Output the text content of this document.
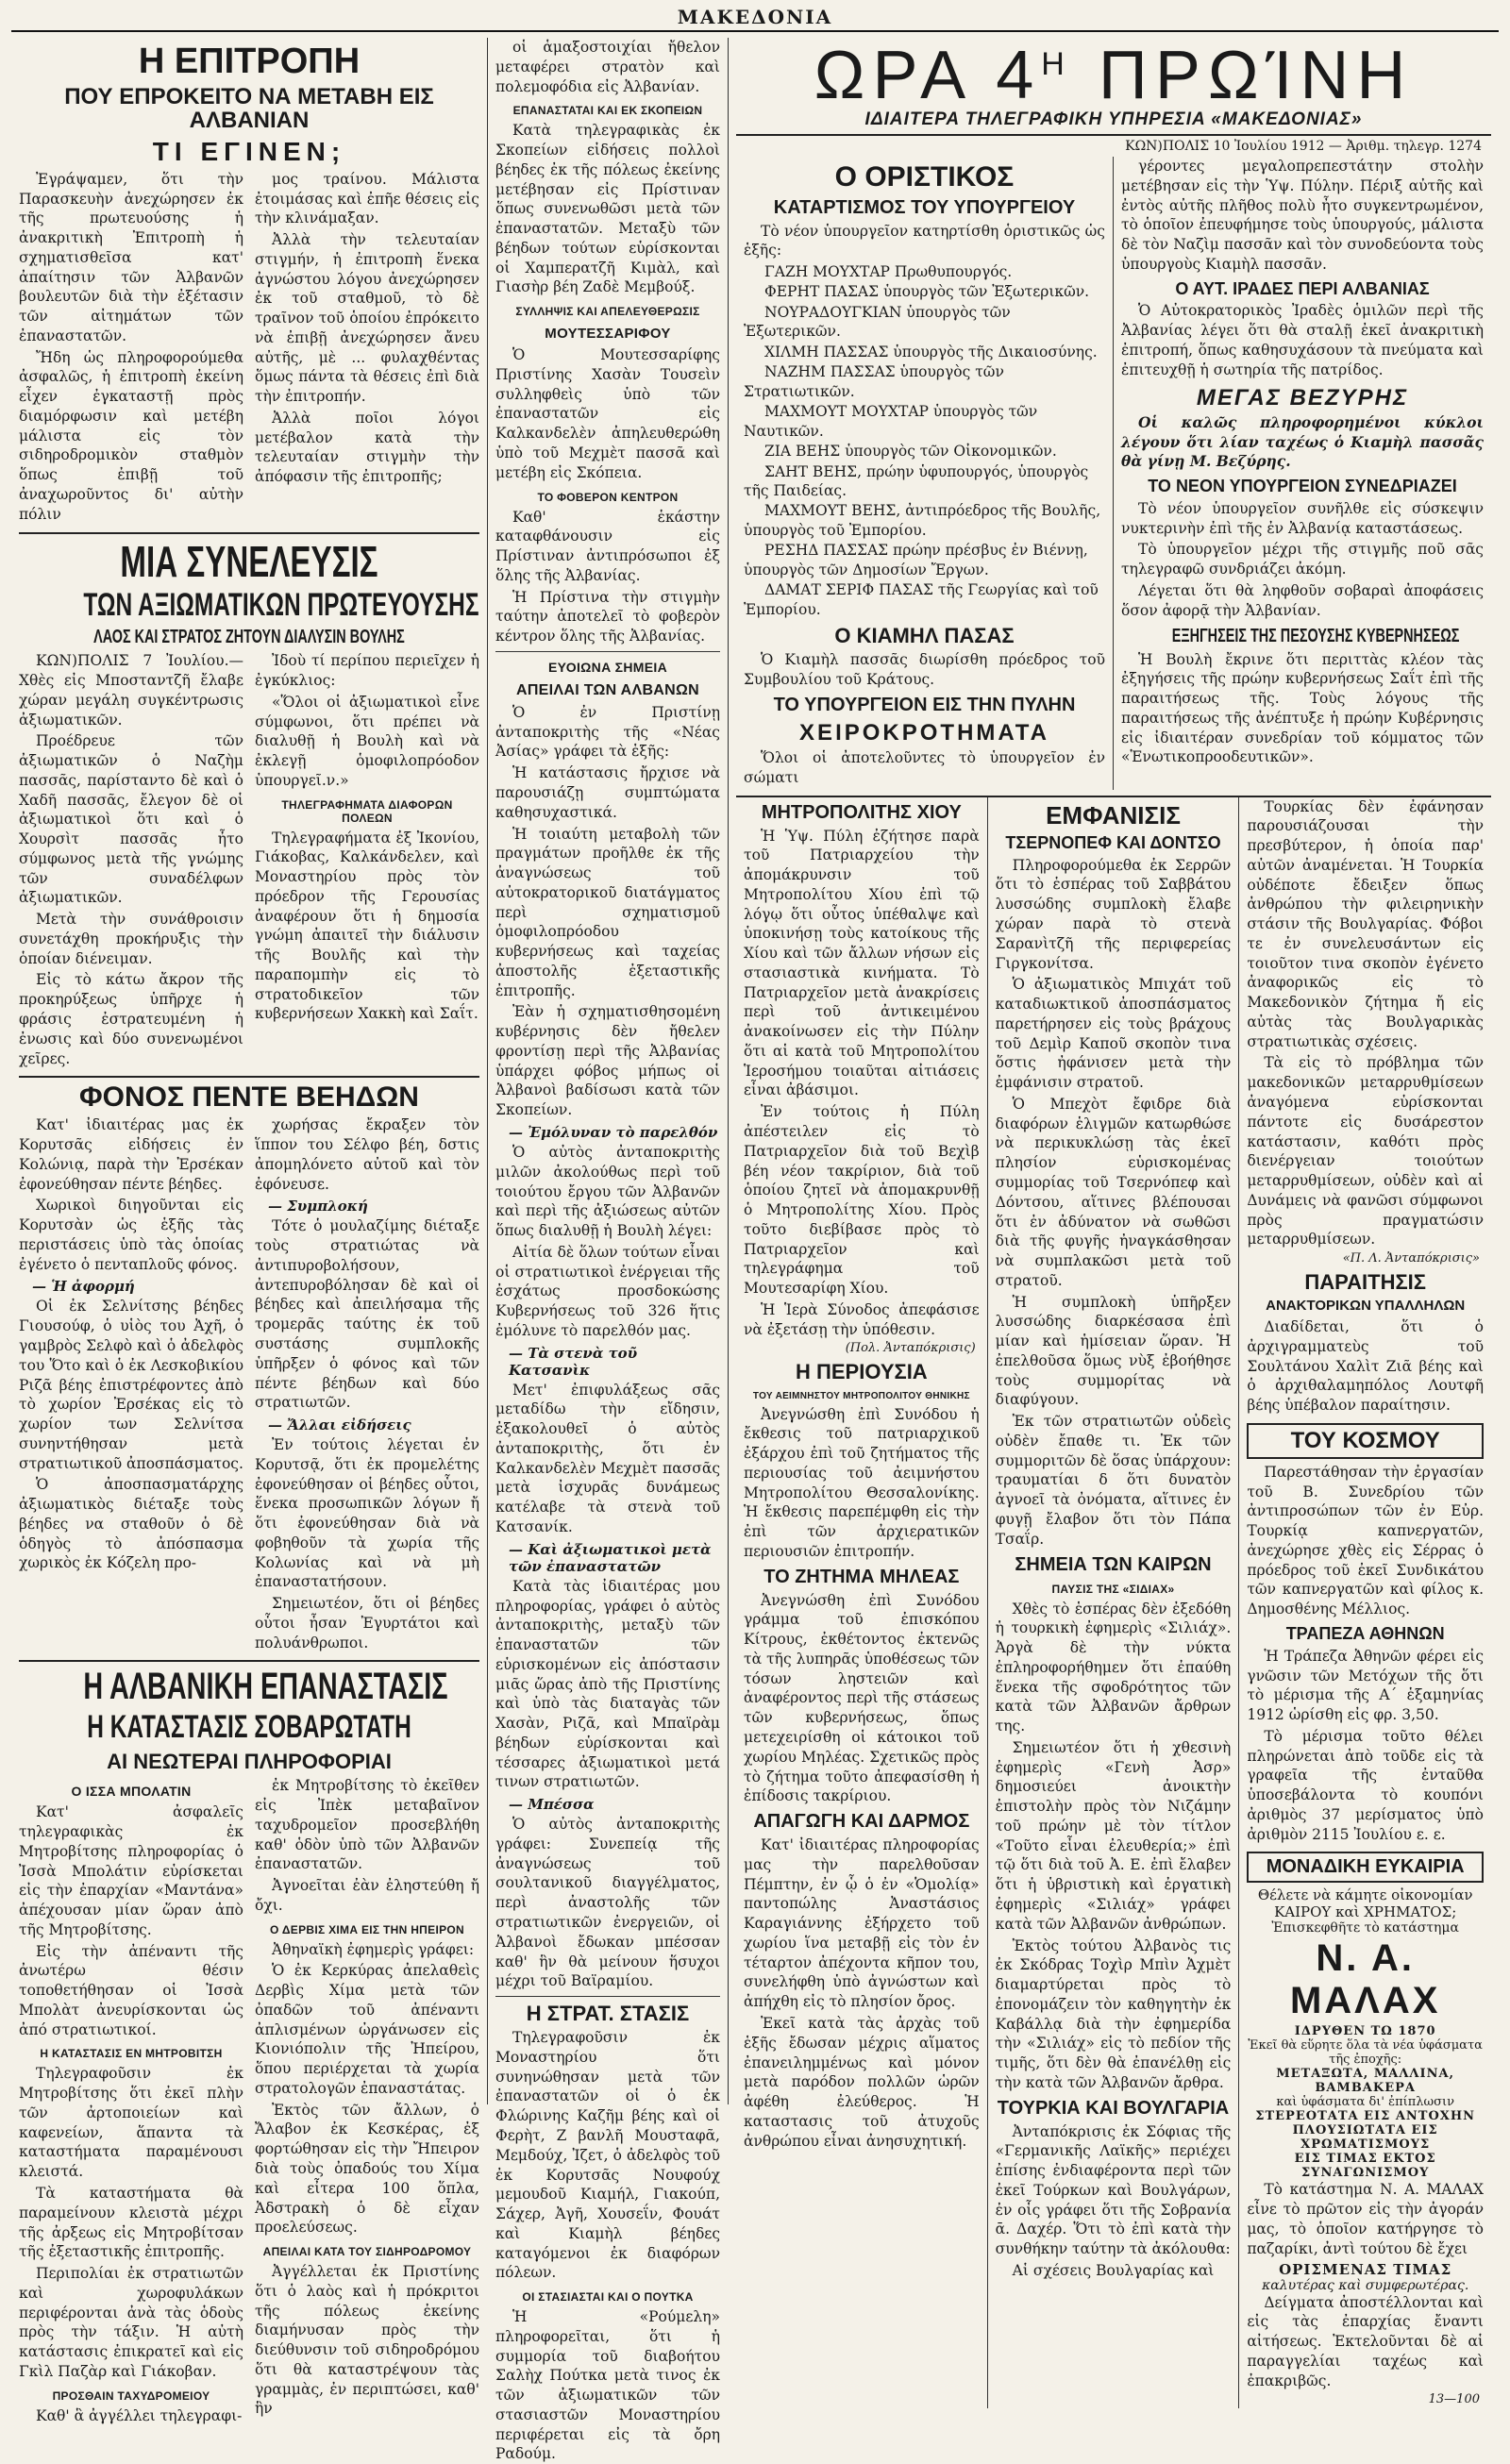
ΜΑΚΕΔΟΝΙΑ
Η ΕΠΙΤΡΟΠΗ
ΠΟΥ ΕΠΡΟΚΕΙΤΟ ΝΑ ΜΕΤΑΒΗ ΕΙΣ ΑΛΒΑΝΙΑΝ
ΤΙ ΕΓΙΝΕΝ;

Ἐγράψαμεν, ὅτι τὴν Παρασκευὴν ἀνεχώρησεν ἐκ τῆς πρωτευούσης ἡ ἀνακριτικὴ Ἐπιτροπὴ ἡ σχηματισθεῖσα κατ' ἀπαίτησιν τῶν Ἀλβανῶν βουλευτῶν διὰ τὴν ἐξέτασιν τῶν αἰτημάτων τῶν ἐπαναστατῶν.

Ἤδη ὡς πληροφορούμεθα ἀσφαλῶς, ἡ ἐπιτροπὴ ἐκείνη εἶχεν ἐγκαταστῇ πρὸς διαμόρφωσιν καὶ μετέβη μάλιστα εἰς τὸν σιδηροδρομικὸν σταθμὸν ὅπως ἐπιβῇ τοῦ ἀναχωροῦντος δι' αὐτὴν πόλιν

μος τραίνου. Μάλιστα ἐτοιμάσας καὶ ἐπῆε θέσεις εἰς τὴν κλινάμαξαν.

Ἀλλὰ τὴν τελευταίαν στιγμήν, ἡ ἐπιτροπὴ ἕνεκα ἀγνώστου λόγου ἀνεχώρησεν ἐκ τοῦ σταθμοῦ, τὸ δὲ τραῖνον τοῦ ὁποίου ἐπρόκειτο νὰ ἐπιβῇ ἀνεχώρησεν ἄνευ αὐτῆς, μὲ ... φυλαχθέντας ὅμως πάντα τὰ θέσεις ἐπὶ διὰ τὴν ἐπιτροπήν.

Ἀλλὰ ποῖοι λόγοι μετέβαλον κατὰ τὴν τελευταίαν στιγμὴν τὴν ἀπόφασιν τῆς ἐπιτροπῆς;

ΜΙΑ ΣΥΝΕΛΕΥΣΙΣ
ΤΩΝ ΑΞΙΩΜΑΤΙΚΩΝ ΠΡΩΤΕΥΟΥΣΗΣ
ΛΑΟΣ ΚΑΙ ΣΤΡΑΤΟΣ ΖΗΤΟΥΝ ΔΙΑΛΥΣΙΝ ΒΟΥΛΗΣ

ΚΩΝ)ΠΟΛΙΣ 7 Ἰουλίου.— Χθὲς εἰς Μποσταντζῆ ἔλαβε χώραν μεγάλη συγκέντρωσις ἀξιωματικῶν.

Προέδρευε τῶν ἀξιωματικῶν ὁ Ναζὴμ πασσᾶς, παρίσταντο δὲ καὶ ὁ Χαδῆ πασσᾶς, ἔλεγον δὲ οἱ ἀξιωματικοὶ ὅτι καὶ ὁ Χουρσὶτ πασσᾶς ἦτο σύμφωνος μετὰ τῆς γνώμης τῶν συναδέλφων ἀξιωματικῶν.

Μετὰ τὴν συνάθροισιν συνετάχθη προκήρυξις τὴν ὁποίαν διένειμαν.

Εἰς τὸ κάτω ἄκρον τῆς προκηρύξεως ὑπῆρχε ἡ φράσις ἐστρατευμένη ἡ ἐνωσις καὶ δύο συνενωμένοι χεῖρες.

Ἰδοὺ τί περίπου περιεῖχεν ἡ ἐγκύκλιος:

«Ὅλοι οἱ ἀξιωματικοὶ εἶνε σύμφωνοι, ὅτι πρέπει νὰ διαλυθῇ ἡ Βουλὴ καὶ νὰ ἐκλεγῇ ὁμοφιλοπρόοδον ὑπουργεῖ.ν.»

ΤΗΛΕΓΡΑΦΗΜΑΤΑ ΔΙΑΦΟΡΩΝ ΠΟΛΕΩΝ

Τηλεγραφήματα ἐξ Ἰκονίου, Γιάκοβας, Καλκάνδελεν, καὶ Μοναστηρίου πρὸς τὸν πρόεδρον τῆς Γερουσίας ἀναφέρουν ὅτι ἡ δημοσία γνώμη ἀπαιτεῖ τὴν διάλυσιν τῆς Βουλῆς καὶ τὴν παραπομπὴν εἰς τὸ στρατοδικεῖον τῶν κυβερνήσεων Χακκὴ καὶ Σαΐτ.

ΦΟΝΟΣ ΠΕΝΤΕ ΒΕΗΔΩΝ

Κατ' ἰδιαιτέρας μας ἐκ Κορυτσᾶς εἰδήσεις ἐν Κολώνιᾳ, παρὰ τὴν Ἐρσέκαν ἐφονεύθησαν πέντε βέηδες.

Χωρικοὶ διηγοῦνται εἰς Κορυτσὰν ὡς ἑξῆς τὰς περιστάσεις ὑπὸ τὰς ὁποίας ἐγένετο ὁ πενταπλοῦς φόνος.

— Ἡ ἀφορμή

Οἱ ἐκ Σελνίτσης βέηδες Γιουσούφ, ὁ υἱὸς του Ἀχῆ, ὁ γαμβρὸς Σελφὸ καὶ ὁ ἀδελφὸς του Ὅτο καὶ ὁ ἐκ Λεσκοβικίου Ριζᾶ βέης ἐπιστρέφοντες ἀπὸ τὸ χωρίον Ἐρσέκας εἰς τὸ χωρίον των Σελνίτσα συνηντήθησαν μετὰ στρατιωτικοῦ ἀποσπάσματος.

Ὁ ἀποσπασματάρχης ἀξιωματικὸς διέταξε τοὺς βέηδες να σταθοῦν ὁ δὲ ὁδηγὸς τὸ ἀπόσπασμα χωρικὸς ἐκ Κόζελη προ-

χωρήσας ἔκραξεν τὸν ἵππον του Σέλφο βέη, δστις ἀπομηλόνετο αὐτοῦ καὶ τὸν ἐφόνευσε.

— Συμπλοκή

Τότε ὁ μουλαζίμης διέταξε τοὺς στρατιώτας νὰ ἀντιπυροβολήσουν, ἀντεπυροβόλησαν δὲ καὶ οἱ βέηδες καὶ ἀπειλήσαμα τῆς τρομερᾶς ταύτης ἐκ τοῦ συστάσης συμπλοκῆς ὑπῆρξεν ὁ φόνος καὶ τῶν πέντε βέηδων καὶ δύο στρατιωτῶν.

— Ἄλλαι εἰδήσεις

Ἐν τούτοις λέγεται ἐν Κορυτσᾷ, ὅτι ἐκ προμελέτης ἐφονεύθησαν οἱ βέηδες οὗτοι, ἕνεκα προσωπικῶν λόγων ἤ ὅτι ἐφονεύθησαν διὰ νὰ φοβηθοῦν τὰ χωρία τῆς Κολωνίας καὶ νὰ μὴ ἐπαναστατήσουν.

Σημειωτέον, ὅτι οἱ βέηδες οὗτοι ἦσαν Ἐγυρτάτοι καὶ πολυάνθρωποι.

Η ΑΛΒΑΝΙΚΗ ΕΠΑΝΑΣΤΑΣΙΣ
Η ΚΑΤΑΣΤΑΣΙΣ ΣΟΒΑΡΩΤΑΤΗ
ΑΙ ΝΕΩΤΕΡΑΙ ΠΛΗΡΟΦΟΡΙΑΙ
Ο ΙΣΣΑ ΜΠΟΛΑΤΙΝ

Κατ' ἀσφαλεῖς τηλεγραφικὰς ἐκ Μητροβίτσης πληροφορίας ὁ Ἰσσὰ Μπολάτιν εὑρίσκεται εἰς τὴν ἐπαρχίαν «Μαντάνα» ἀπέχουσαν μίαν ὥραν ἀπὸ τῆς Μητροβίτσης.

Εἰς τὴν ἀπέναντι τῆς ἀνωτέρω θέσιν τοποθετήθησαν οἱ Ἰσσὰ Μπολὰτ ἀνευρίσκονται ὡς ἀπό στρατιωτικοί.

Η ΚΑΤΑΣΤΑΣΙΣ ΕΝ ΜΗΤΡΟΒΙΤΣΗ

Τηλεγραφοῦσιν ἐκ Μητροβίτσης ὅτι ἐκεῖ πλὴν τῶν ἀρτοποιείων καὶ καφενείων, ἅπαντα τὰ καταστήματα παραμένουσι κλειστά.

Τὰ καταστήματα θὰ παραμείνουν κλειστὰ μέχρι τῆς ἀρξεως εἰς Μητροβίτσαν τῆς ἐξεταστικῆς ἐπιτροπῆς.

Περιπολίαι ἐκ στρατιωτῶν καὶ χωροφυλάκων περιφέρονται ἀνὰ τὰς ὁδοὺς πρὸς τὴν τάξιν. Ἡ αὐτὴ κατάστασις ἐπικρατεῖ καὶ εἰς Γκὶλ Παζὰρ καὶ Γιάκοβαν.

ΠΡΟΣΘΑΙΝ ΤΑΧΥΔΡΟΜΕΙΟΥ

Καθ' ἃ ἀγγέλλει τηλεγραφι-

ἐκ Μητροβίτσης τὸ ἐκεῖθεν εἰς Ἰπὲκ μεταβαῖνον ταχυδρομεῖον προσεβλήθη καθ' ὁδὸν ὑπὸ τῶν Ἀλβανῶν ἐπαναστατῶν.

Ἀγνοεῖται ἐὰν ἐληστεύθη ἤ ὄχι.

Ο ΔΕΡΒΙΣ ΧΙΜΑ ΕΙΣ ΤΗΝ ΗΠΕΙΡΟΝ

Ἀθηναϊκὴ ἐφημερὶς γράφει:

Ὁ ἐκ Κερκύρας ἀπελαθεὶς Δερβὶς Χίμα μετὰ τῶν ὀπαδῶν τοῦ ἀπέναντι ἀπλισμένων ὠργάνωσεν εἰς Κιονιόπολιν τῆς Ἠπείρου, ὅπου περιέρχεται τὰ χωρία στρατολογῶν ἐπαναστάτας.

Ἐκτὸς τῶν ἄλλων, ὁ Ἄλαβον ἐκ Κεσκέρας, ἐξ φορτώθησαν εἰς τὴν Ἤπειρον διὰ τοὺς ὀπαδούς του Χίμα καὶ εἶτερα 100 ὅπλα, Ἀδστρακὴ ὁ δὲ εἶχαν προελεύσεως.

ΑΠΕΙΛΑΙ ΚΑΤΑ ΤΟΥ ΣΙΔΗΡΟΔΡΟΜΟΥ

Ἀγγέλλεται ἐκ Πριστίνης ὅτι ὁ λαὸς καὶ ἡ πρόκριτοι τῆς πόλεως ἐκείνης διαμήνυσαν πρὸς τὴν διεύθυνσιν τοῦ σιδηροδρόμου ὅτι θὰ καταστρέψουν τὰς γραμμὰς, ἐν περιπτώσει, καθ' ἣν

οἱ ἁμαξοστοιχίαι ἤθελον μεταφέρει στρατὸν καὶ πολεμοφόδια εἰς Ἀλβανίαν.

ΕΠΑΝΑΣΤΑΤΑΙ ΚΑΙ ΕΚ ΣΚΟΠΕΙΩΝ

Κατὰ τηλεγραφικὰς ἐκ Σκοπείων εἰδήσεις πολλοὶ βέηδες ἐκ τῆς πόλεως ἐκείνης μετέβησαν εἰς Πρίστιναν ὅπως συνενωθῶσι μετὰ τῶν ἐπαναστατῶν. Μεταξὺ τῶν βέηδων τούτων εὑρίσκονται οἱ Χαμπερατζῆ Κιμὰλ, καὶ Γιασὴρ βέη Ζαδὲ Μεμβούξ.

ΣΥΛΛΗΨΙΣ ΚΑΙ ΑΠΕΛΕΥΘΕΡΩΣΙΣ
ΜΟΥΤΕΣΣΑΡΙΦΟΥ

Ὁ Μουτεσσαρίφης Πριστίνης Χασὰν Τουσεὶν συλληφθεὶς ὑπὸ τῶν ἐπαναστατῶν εἰς Καλκανδελὲν ἀπηλευθερώθη ὑπὸ τοῦ Μεχμὲτ πασσᾶ καὶ μετέβη εἰς Σκόπεια.

ΤΟ ΦΟΒΕΡΟΝ ΚΕΝΤΡΟΝ

Καθ' ἑκάστην καταφθάνουσιν εἰς Πρίστιναν ἀντιπρόσωποι ἐξ ὅλης τῆς Ἀλβανίας.

Ἡ Πρίστινα τὴν στιγμὴν ταύτην ἀποτελεῖ τὸ φοβερὸν κέντρον ὅλης τῆς Ἀλβανίας.

ΕΥΟΙΩΝΑ ΣΗΜΕΙΑ
ΑΠΕΙΛΑΙ ΤΩΝ ΑΛΒΑΝΩΝ

Ὁ ἐν Πριστίνῃ ἀνταποκριτὴς τῆς «Νέας Ἀσίας» γράφει τὰ ἑξῆς:

Ἡ κατάστασις ἤρχισε νὰ παρουσιάζῃ συμπτώματα καθησυχαστικά.

Ἡ τοιαύτη μεταβολὴ τῶν πραγμάτων προῆλθε ἐκ τῆς ἀναγνώσεως τοῦ αὐτοκρατορικοῦ διατάγματος περὶ σχηματισμοῦ ὁμοφιλοπρόοδου κυβερνήσεως καὶ ταχείας ἀποστολῆς ἐξεταστικῆς ἐπιτροπῆς.

Ἐὰν ἡ σχηματισθησομένη κυβέρνησις δὲν ἤθελεν φροντίσῃ περὶ τῆς Ἀλβανίας ὑπάρχει φόβος μήπως οἱ Ἀλβανοὶ βαδίσωσι κατὰ τῶν Σκοπείων.

— Ἐμόλυναν τὸ παρελθόν

Ὁ αὐτὸς ἀνταποκριτὴς μιλῶν ἀκολούθως περὶ τοῦ τοιούτου ἔργου τῶν Ἀλβανῶν καὶ περὶ τῆς ἀξιώσεως αὐτῶν ὅπως διαλυθῇ ἡ Βουλὴ λέγει:

Αἰτία δὲ ὅλων τούτων εἶναι οἱ στρατιωτικοὶ ἐνέργειαι τῆς ἐσχάτως προσδοκώσης Κυβερνήσεως τοῦ 326 ἥτις ἐμόλυνε τὸ παρελθόν μας.

— Τὰ στενὰ τοῦ Κατσανὶκ

Μετ' ἐπιφυλάξεως σᾶς μεταδίδω τὴν εἴδησιν, ἐξακολουθεῖ ὁ αὐτὸς ἀνταποκριτὴς, ὅτι ἐν Καλκανδελὲν Μεχμὲτ πασσᾶς μετὰ ἰσχυρᾶς δυνάμεως κατέλαβε τὰ στενὰ τοῦ Κατσανίκ.

— Καὶ ἀξιωματικοὶ μετὰ τῶν ἐπαναστατῶν

Κατὰ τὰς ἰδιαιτέρας μου πληροφορίας, γράφει ὁ αὐτὸς ἀνταποκριτὴς, μεταξὺ τῶν ἐπαναστατῶν τῶν εὑρισκομένων εἰς ἀπόστασιν μιᾶς ὥρας ἀπὸ τῆς Πριστίνης καὶ ὑπὸ τὰς διαταγὰς τῶν Χασὰν, Ριζᾶ, καὶ Μπαϊρὰμ βέηδων εὑρίσκονται καὶ τέσσαρες ἀξιωματικοὶ μετά τινων στρατιωτῶν.

— Μπέσσα

Ὁ αὐτὸς ἀνταποκριτὴς γράφει: Συνεπείᾳ τῆς ἀναγνώσεως τοῦ σουλτανικοῦ διαγγέλματος, περὶ ἀναστολῆς τῶν στρατιωτικῶν ἐνεργειῶν, οἱ Ἀλβανοὶ ἔδωκαν μπέσσαν καθ' ἣν θὰ μείνουν ἥσυχοι μέχρι τοῦ Βαϊραμίου.

Η ΣΤΡΑΤ. ΣΤΑΣΙΣ

Τηλεγραφοῦσιν ἐκ Μοναστηρίου ὅτι συνηνώθησαν μετὰ τῶν ἐπαναστατῶν οἱ ὁ ἐκ Φλώρινης Καζῆμ βέης καὶ οἱ Φερὴτ, Ζ βανλῆ Μουσταφᾶ, Μεμδούχ, Ἰζετ, ὁ ἀδελφὸς τοῦ ἐκ Κορυτσᾶς Νουφούχ μεμουδοῦ Κιαμήλ, Γιακούπ, Σάχερ, Ἀγῆ, Χουσεΐν, Φουάτ καὶ Κιαμὴλ βέηδες καταγόμενοι ἐκ διαφόρων πόλεων.

ΟΙ ΣΤΑΣΙΑΣΤΑΙ ΚΑΙ Ο ΠΟΥΤΚΑ

Ἡ «Ρούμελη» πληροφορεῖται, ὅτι ἡ συμμορία τοῦ διαβοήτου Σαλὴχ Πούτκα μετὰ τινος ἐκ τῶν ἀξιωματικῶν τῶν στασιαστῶν Μοναστηρίου περιφέρεται εἰς τὰ ὄρη Ραδούμ.

ΩΡΑ $4^H$ ΠΡΩΊΝΗ
ΙΔΙΑΙΤΕΡΑ ΤΗΛΕΓΡΑΦΙΚΗ ΥΠΗΡΕΣΙΑ «ΜΑΚΕΔΟΝΙΑΣ»
ΚΩΝ)ΠΟΛΙΣ 10 Ἰουλίου 1912 — Ἀριθμ. τηλεγρ. 1274
Ο ΟΡΙΣΤΙΚΟΣ
ΚΑΤΑΡΤΙΣΜΟΣ ΤΟΥ ΥΠΟΥΡΓΕΙΟΥ

Τὸ νέον ὑπουργεῖον κατηρτίσθη ὁριστικῶς ὡς ἑξῆς:

ΓΑΖΗ ΜΟΥΧΤΑΡ Πρωθυπουργός.

ΦΕΡΗΤ ΠΑΣΑΣ ὑπουργὸς τῶν Ἐξωτερικῶν.

ΝΟΥΡΑΔΟΥΓΚΙΑΝ ὑπουργὸς τῶν Ἐξωτερικῶν.

ΧΙΛΜΗ ΠΑΣΣΑΣ ὑπουργὸς τῆς Δικαιοσύνης.

ΝΑΖΗΜ ΠΑΣΣΑΣ ὑπουργὸς τῶν Στρατιωτικῶν.

ΜΑΧΜΟΥΤ ΜΟΥΧΤΑΡ ὑπουργὸς τῶν Ναυτικῶν.

ΖΙΑ ΒΕΗΣ ὑπουργὸς τῶν Οἰκονομικῶν.

ΣΑΗΤ ΒΕΗΣ, πρώην ὑφυπουργός, ὑπουργὸς τῆς Παιδείας.

ΜΑΧΜΟΥΤ ΒΕΗΣ, ἀντιπρόεδρος τῆς Βουλῆς, ὑπουργὸς τοῦ Ἐμπορίου.

ΡΕΣΗΔ ΠΑΣΣΑΣ πρώην πρέσβυς ἐν Βιέννῃ, ὑπουργὸς τῶν Δημοσίων Ἔργων.

ΔΑΜΑΤ ΣΕΡΙΦ ΠΑΣΑΣ τῆς Γεωργίας καὶ τοῦ Ἐμπορίου.

Ο ΚΙΑΜΗΛ ΠΑΣΑΣ

Ὁ Κιαμὴλ πασσᾶς διωρίσθη πρόεδρος τοῦ Συμβουλίου τοῦ Κράτους.

ΤΟ ΥΠΟΥΡΓΕΙΟΝ ΕΙΣ ΤΗΝ ΠΥΛΗΝ
ΧΕΙΡΟΚΡΟΤΗΜΑΤΑ

Ὅλοι οἱ ἀποτελοῦντες τὸ ὑπουργεῖον ἐν σώματι

γέροντες μεγαλοπρεπεστάτην στολὴν μετέβησαν εἰς τὴν Ὑψ. Πύλην. Πέριξ αὐτῆς καὶ ἐντὸς αὐτῆς πλῆθος πολὺ ἦτο συγκεντρωμένον, τὸ ὁποῖον ἐπευφήμησε τοὺς ὑπουργούς, μάλιστα δὲ τὸν Ναζὶμ πασσᾶν καὶ τὸν συνοδεύοντα τοὺς ὑπουργοὺς Κιαμὴλ πασσᾶν.

Ο ΑΥΤ. ΙΡΑΔΕΣ ΠΕΡΙ ΑΛΒΑΝΙΑΣ

Ὁ Αὐτοκρατορικὸς Ἰραδὲς ὁμιλῶν περὶ τῆς Ἀλβανίας λέγει ὅτι θὰ σταλῇ ἐκεῖ ἀνακριτικὴ ἐπιτροπή, ὅπως καθησυχάσουν τὰ πνεύματα καὶ ἐπιτευχθῇ ἡ σωτηρία τῆς πατρίδος.

ΜΕΓΑΣ ΒΕΖΥΡΗΣ

Οἱ καλῶς πληροφορημένοι κύκλοι λέγουν ὅτι λίαν ταχέως ὁ Κιαμὴλ πασσᾶς θὰ γίνῃ Μ. Βεζύρης.

ΤΟ ΝΕΟΝ ΥΠΟΥΡΓΕΙΟΝ ΣΥΝΕΔΡΙΑΖΕΙ

Τὸ νέον ὑπουργεῖον συνῆλθε εἰς σύσκεψιν νυκτερινὴν ἐπὶ τῆς ἐν Ἀλβανίᾳ καταστάσεως.

Τὸ ὑπουργεῖον μέχρι τῆς στιγμῆς ποῦ σᾶς τηλεγραφῶ συνδριάζει ἀκόμη.

Λέγεται ὅτι θὰ ληφθοῦν σοβαραὶ ἀποφάσεις ὅσον ἀφορᾷ τὴν Ἀλβανίαν.

ΕΞΗΓΗΣΕΙΣ ΤΗΣ ΠΕΣΟΥΣΗΣ ΚΥΒΕΡΝΗΣΕΩΣ

Ἡ Βουλὴ ἔκρινε ὅτι περιττὰς κλέον τὰς ἐξηγήσεις τῆς πρώην κυβερνήσεως Σαΐτ ἐπὶ τῆς παραιτήσεως τῆς. Τοὺς λόγους τῆς παραιτήσεως τῆς ἀνέπτυξε ἡ πρώην Κυβέρνησις εἰς ἰδιαιτέραν συνεδρίαν τοῦ κόμματος τῶν «Ἑνωτικοπροοδευτικῶν».

ΜΗΤΡΟΠΟΛΙΤΗΣ ΧΙΟΥ

Ἡ Ὑψ. Πύλη ἐζήτησε παρὰ τοῦ Πατριαρχείου τὴν ἀπομάκρυνσιν τοῦ Μητροπολίτου Χίου ἐπὶ τῷ λόγῳ ὅτι οὗτος ὑπέθαλψε καὶ ὑποκινήσῃ τοὺς κατοίκους τῆς Χίου καὶ τῶν ἄλλων νήσων εἰς στασιαστικὰ κινήματα. Τὸ Πατριαρχεῖον μετὰ ἀνακρίσεις περὶ τοῦ ἀντικειμένου ἀνακοίνωσεν εἰς τὴν Πύλην ὅτι αἱ κατὰ τοῦ Μητροπολίτου Ἱεροσήμου τοιαῦται αἰτιάσεις εἶναι ἀβάσιμοι.

Ἐν τούτοις ἡ Πύλη ἀπέστειλεν εἰς τὸ Πατριαρχεῖον διὰ τοῦ Βεχὶβ βέη νέον τακρίριον, διὰ τοῦ ὁποίου ζητεῖ νὰ ἀπομακρυνθῇ ὁ Μητροπολίτης Χίου. Πρὸς τοῦτο διεβίβασε πρὸς τὸ Πατριαρχεῖον καὶ τηλεγράφημα τοῦ Μουτεσαρίφη Χίου.

Ἡ Ἱερὰ Σύνοδος ἀπεφάσισε νὰ ἐξετάσῃ τὴν ὑπόθεσιν.

(Πολ. Ἀνταπόκρισις)
Η ΠΕΡΙΟΥΣΙΑ
ΤΟΥ ΑΕΙΜΝΗΣΤΟΥ ΜΗΤΡΟΠΟΛΙΤΟΥ ΘΗΝΙΚΗΣ

Ἀνεγνώσθη ἐπὶ Συνόδου ἡ ἔκθεσις τοῦ πατριαρχικοῦ ἐξάρχου ἐπὶ τοῦ ζητήματος τῆς περιουσίας τοῦ ἀειμνήστου Μητροπολίτου Θεσσαλονίκης. Ἡ ἔκθεσις παρεπέμφθη εἰς τὴν ἐπὶ τῶν ἀρχιερατικῶν περιουσιῶν ἐπιτροπήν.

ΤΟ ΖΗΤΗΜΑ ΜΗΛΕΑΣ

Ἀνεγνώσθη ἐπὶ Συνόδου γράμμα τοῦ ἐπισκόπου Κίτρους, ἐκθέτοντος ἐκτενῶς τὰ τῆς λυπηρᾶς ὑποθέσεως τῶν τόσων ληστειῶν καὶ ἀναφέροντος περὶ τῆς στάσεως τῶν κυβερνήσεως, ὅπως μετεχειρίσθη οἱ κάτοικοι τοῦ χωρίου Μηλέας. Σχετικῶς πρὸς τὸ ζήτημα τοῦτο ἀπεφασίσθη ἡ ἐπίδοσις τακρίριου.

ΑΠΑΓΩΓΗ ΚΑΙ ΔΑΡΜΟΣ

Κατ' ἰδιαιτέρας πληροφορίας μας τὴν παρελθοῦσαν Πέμπτην, ἐν ᾧ ὁ ἐν «Ὁμολίᾳ» παντοπώλης Ἀναστάσιος Καραγιάννης ἐξήρχετο τοῦ χωρίου ἵνα μεταβῇ εἰς τὸν ἐν τέταρτον ἀπέχοντα κῆπον του, συνελήφθη ὑπὸ ἀγνώστων καὶ ἀπήχθη εἰς τὸ πλησίον ὄρος.

Ἐκεῖ κατὰ τὰς ἀρχὰς τοῦ ἑξῆς ἔδωσαν μέχρις αἵματος ἐπανειλημμένως καὶ μόνον μετὰ παρόδον πολλῶν ὡρῶν ἀφέθη ἐλεύθερος. Ἡ καταστασις τοῦ ἀτυχοῦς ἀνθρώπου εἶναι ἀνησυχητική.

ΕΜΦΑΝΙΣΙΣ
ΤΣΕΡΝΟΠΕΦ ΚΑΙ ΔΟΝΤΣΟ

Πληροφορούμεθα ἐκ Σερρῶν ὅτι τὸ ἑσπέρας τοῦ Σαββάτου λυσσώδης συμπλοκὴ ἔλαβε χώραν παρὰ τὸ στενὰ Σαρανὶτζῆ τῆς περιφερείας Γιργκονίτσα.

Ὁ ἀξιωματικὸς Μπιχάτ τοῦ καταδιωκτικοῦ ἀποσπάσματος παρετήρησεν εἰς τοὺς βράχους τοῦ Δεμὶρ Καποῦ σκοπὸν τινα ὅστις ἠφάνισεν μετὰ τὴν ἐμφάνισιν στρατοῦ.

Ὁ Μπεχὸτ ἔφιδρε διὰ διαφόρων ἑλιγμῶν κατωρθώσε νὰ περικυκλώσῃ τὰς ἐκεῖ πλησίον εὑρισκομένας συμμορίας τοῦ Τσερνόπεφ καὶ Δόντσου, αἵτινες βλέπουσαι ὅτι ἐν ἀδύνατον νὰ σωθῶσι διὰ τῆς φυγῆς ἠναγκάσθησαν νὰ συμπλακῶσι μετὰ τοῦ στρατοῦ.

Ἡ συμπλοκὴ ὑπῆρξεν λυσσώδης διαρκέσασα ἐπὶ μίαν καὶ ἡμίσειαν ὥραν. Ἡ ἐπελθοῦσα ὅμως νὺξ ἐβοήθησε τοὺς συμμορίτας νὰ διαφύγουν.

Ἐκ τῶν στρατιωτῶν οὐδεὶς οὐδὲν ἔπαθε τι. Ἐκ τῶν συμμοριτῶν δὲ ὅσας ὑπάρχουν: τραυματίαι δ ὅτι δυνατὸν ἀγνοεῖ τὰ ὀνόματα, αἵτινες ἐν φυγῇ ἔλαβον ὅτι τὸν Πάπα Τσαΐρ.

ΣΗΜΕΙΑ ΤΩΝ ΚΑΙΡΩΝ
ΠΑΥΣΙΣ ΤΗΣ «ΣΙΔΙΑΧ»

Χθὲς τὸ ἑσπέρας δὲν ἐξεδόθη ἡ τουρκικὴ ἐφημερὶς «Σιλιάχ». Ἀργὰ δὲ τὴν νύκτα ἐπληροφορήθημεν ὅτι ἐπαύθη ἕνεκα τῆς σφοδρότητος τῶν κατὰ τῶν Ἀλβανῶν ἄρθρων της.

Σημειωτέον ὅτι ἡ χθεσινὴ ἐφημερὶς «Γενὴ Ἀσρ» δημοσιεύει ἀνοικτὴν ἐπιστολὴν πρὸς τὸν Νιζάμην τοῦ πρώην μὲ τὸν τίτλον «Τοῦτο εἶναι ἐλευθερία;» ἐπὶ τῷ ὅτι διὰ τοῦ Ἀ. Ε. ἐπὶ ἔλαβεν ὅτι ἡ ὑβριστικὴ καὶ ἐργατικὴ ἐφημερὶς «Σιλιάχ» γράφει κατὰ τῶν Ἀλβανῶν ἀνθρώπων.

Ἐκτὸς τούτου Ἀλβανὸς τις ἐκ Σκόδρας Τοχὶρ Μπὶν Ἀχμὲτ διαμαρτύρεται πρὸς τὸ ἐπονομάζειν τὸν καθηγητὴν ἐκ Καβάλλᾳ διὰ τὴν ἐφημερίδα τὴν «Σιλιάχ» εἰς τὸ πεδίον τῆς τιμῆς, ὅτι δὲν θὰ ἐπανέλθῃ εἰς τὴν κατὰ τῶν Ἀλβανῶν ἄρθρα.

ΤΟΥΡΚΙΑ ΚΑΙ ΒΟΥΛΓΑΡΙΑ

Ἀνταπόκρισις ἐκ Σόφιας τῆς «Γερμανικῆς Λαϊκῆς» περιέχει ἐπίσης ἐνδιαφέροντα περὶ τῶν ἐκεῖ Τούρκων καὶ Βουλγάρων, ἐν οἷς γράφει ὅτι τῆς Σοβρανία ᾱ. Δαχέρ. Ὅτι τὸ ἐπὶ κατὰ τὴν συνθήκην ταύτην τὰ ἀκόλουθα:

Αἱ σχέσεις Βουλγαρίας καὶ

Τουρκίας δὲν ἐφάνησαν παρουσιάζουσαι τὴν πρεσβύτερον, ἡ ὁποία παρ' αὐτῶν ἀναμένεται. Ἡ Τουρκία οὐδέποτε ἔδειξεν ὅπως ἀνθρώπου τὴν φιλειρηνικὴν στάσιν τῆς Βουλγαρίας. Φόβοι τε ἐν συνελευσάντων εἰς τοιοῦτον τινα σκοπὸν ἐγένετο ἀναφορικῶς εἰς τὸ Μακεδονικὸν ζήτημα ἤ εἰς αὐτὰς τὰς Βουλγαρικὰς στρατιωτικὰς σχέσεις.

Τὰ εἰς τὸ πρόβλημα τῶν μακεδονικῶν μεταρρυθμίσεων ἀναγόμενα εὑρίσκονται πάντοτε εἰς δυσάρεστον κατάστασιν, καθότι πρὸς διενέργειαν τοιούτων μεταρρυθμίσεων, οὐδὲν καὶ αἱ Δυνάμεις νὰ φανῶσι σύμφωνοι πρὸς πραγματώσιν μεταρρυθμίσεων.

«Π. Λ. Ἀνταπόκρισις»
ΠΑΡΑΙΤΗΣΙΣ
ΑΝΑΚΤΟΡΙΚΩΝ ΥΠΑΛΛΗΛΩΝ

Διαδίδεται, ὅτι ὁ ἀρχιγραμματεὺς τοῦ Σουλτάνου Χαλὶτ Ζιᾶ βέης καὶ ὁ ἀρχιθαλαμηπόλος Λουτφῆ βέης ὑπέβαλον παραίτησιν.

ΤΟΥ ΚΟΣΜΟΥ

Παρεστάθησαν τὴν ἐργασίαν τοῦ Β. Συνεδρίου τῶν ἀντιπροσώπων τῶν ἐν Εὐρ. Τουρκίᾳ καπνεργατῶν, ἀνεχώρησε χθὲς εἰς Σέρρας ὁ πρόεδρος τοῦ ἐκεῖ Συνδικάτου τῶν καπνεργατῶν καὶ φίλος κ. Δημοσθένης Μέλλιος.

ΤΡΑΠΕΖΑ ΑΘΗΝΩΝ

Ἡ Τράπεζα Ἀθηνῶν φέρει εἰς γνῶσιν τῶν Μετόχων τῆς ὅτι τὸ μέρισμα τῆς Α΄ ἑξαμηνίας 1912 ὡρίσθη εἰς φρ. 3,50.

Τὸ μέρισμα τοῦτο θέλει πληρώνεται ἀπὸ τοῦδε εἰς τὰ γραφεῖα τῆς ἐνταῦθα ὑποσεβάλοντα τὸ κουπόνι ἀριθμὸς 37 μερίσματος ὑπὸ ἀριθμὸν 2115 Ἰουλίου ε. ε.

ΜΟΝΑΔΙΚΗ ΕΥΚΑΙΡΙΑ
Θέλετε νὰ κάμητε οἰκονομίαν ΚΑΙΡΟΥ καὶ ΧΡΗΜΑΤΟΣ;
Ἐπισκεφθῆτε τὸ κατάστημα
Ν. Α. ΜΑΛΑΧ
ΙΔΡΥΘΕΝ ΤΩ 1870
Ἐκεῖ θὰ εὕρητε ὅλα τὰ νέα ὑφάσματα τῆς ἐποχῆς:
ΜΕΤΑΞΩΤΑ, ΜΑΛΛΙΝΑ, ΒΑΜΒΑΚΕΡΑ
καὶ ὑφάσματα δι' ἐπίπλωσιν
ΣΤΕΡΕΟΤΑΤΑ ΕΙΣ ΑΝΤΟΧΗΝ
ΠΛΟΥΣΙΩΤΑΤΑ ΕΙΣ ΧΡΩΜΑΤΙΣΜΟΥΣ
ΕΙΣ ΤΙΜΑΣ ΕΚΤΟΣ ΣΥΝΑΓΩΝΙΣΜΟΥ

Τὸ κατάστημα Ν. Α. ΜΑΛΑΧ εἶνε τὸ πρῶτον εἰς τὴν ἀγοράν μας, τὸ ὁποῖον κατήργησε τὸ παζαρίκι, ἀντὶ τούτου δὲ ἔχει

ΟΡΙΣΜΕΝΑΣ ΤΙΜΑΣ
καλυτέρας καὶ συμφερωτέρας.

Δείγματα ἀποστέλλονται καὶ εἰς τὰς ἐπαρχίας ἔναντι αἰτήσεως. Ἐκτελοῦνται δὲ αἱ παραγγελίαι ταχέως καὶ ἐπακριβῶς.

13—100
